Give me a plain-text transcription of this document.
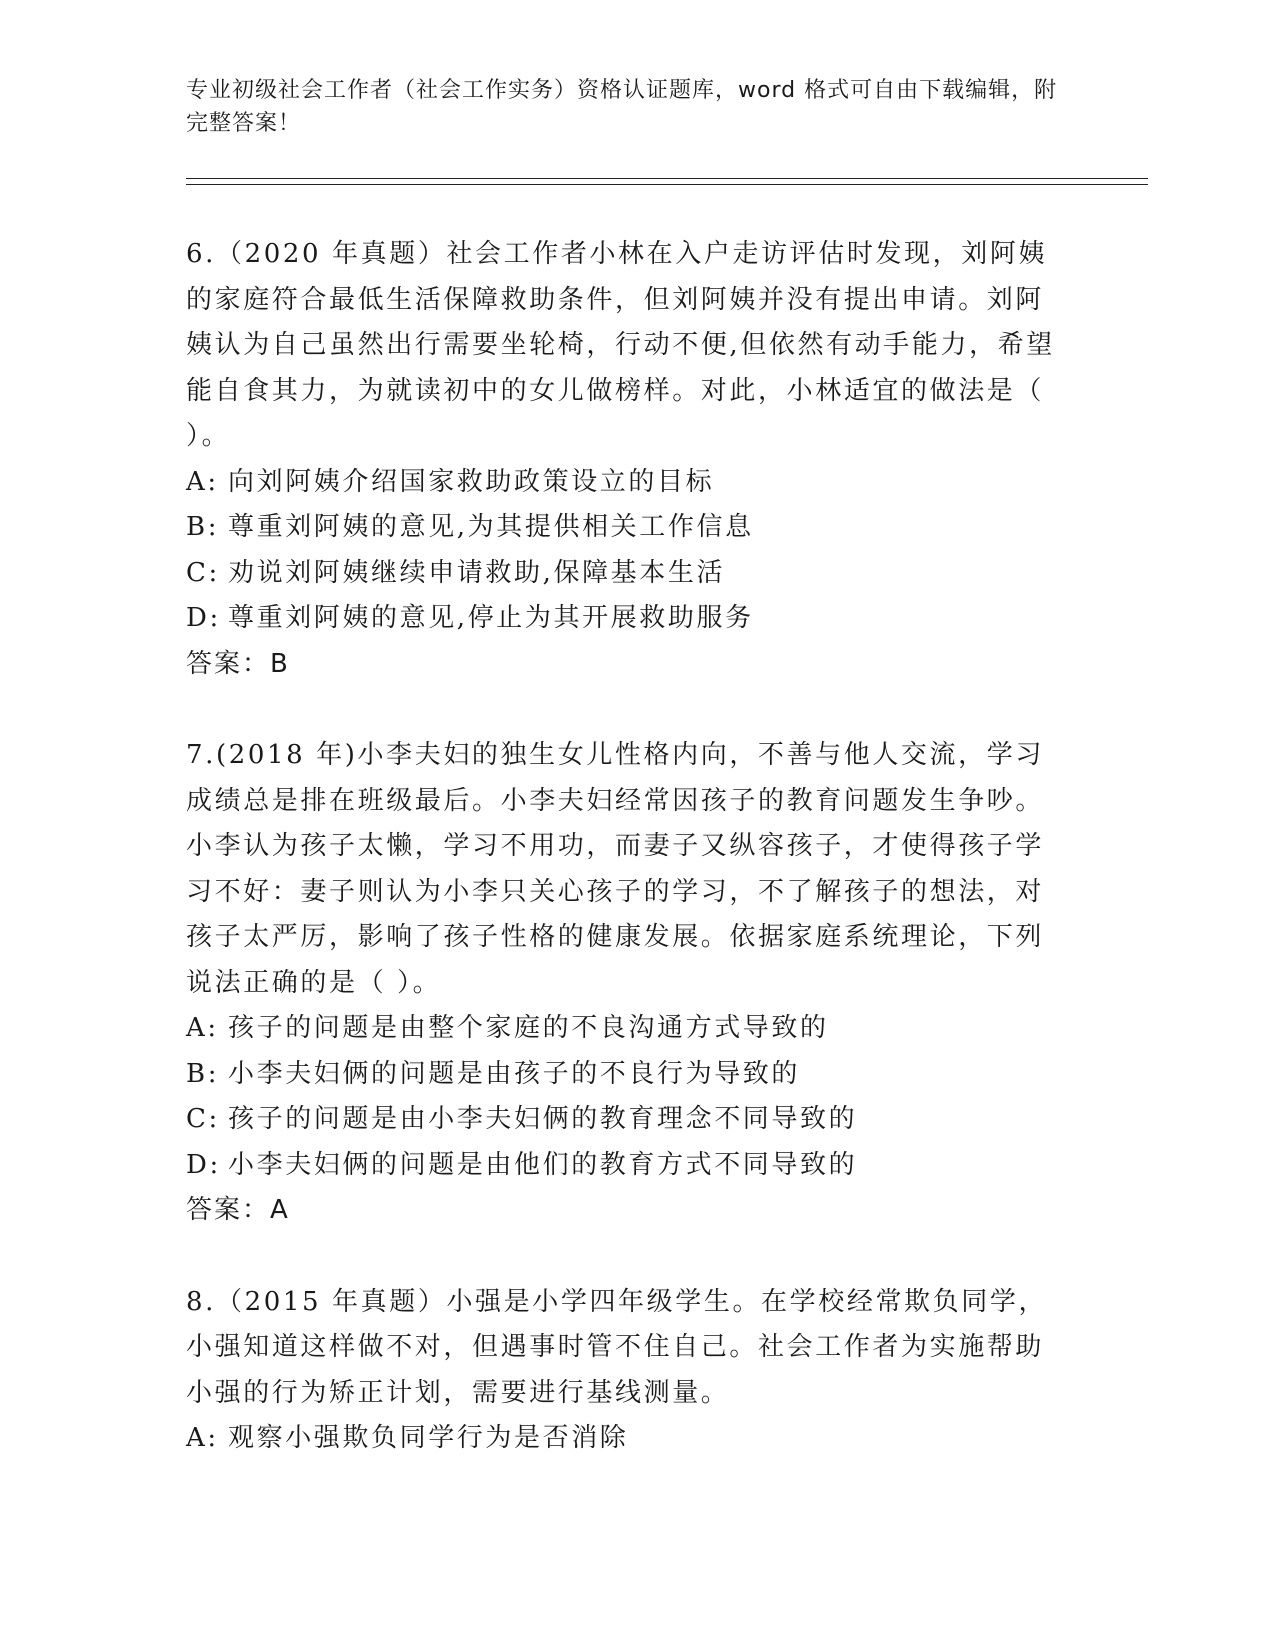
专业初级社会工作者（社会工作实务）资格认证题库，word 格式可自由下载编辑，附完整答案！

6.（2020 年真题）社会工作者小林在入户走访评估时发现，刘阿姨的家庭符合最低生活保障救助条件，但刘阿姨并没有提出申请。刘阿姨认为自己虽然出行需要坐轮椅，行动不便,但依然有动手能力，希望能自食其力，为就读初中的女儿做榜样。对此，小林适宜的做法是（ ）。

A: 向刘阿姨介绍国家救助政策设立的目标

B: 尊重刘阿姨的意见,为其提供相关工作信息

C: 劝说刘阿姨继续申请救助,保障基本生活

D: 尊重刘阿姨的意见,停止为其开展救助服务

答案：B

7.(2018 年)小李夫妇的独生女儿性格内向，不善与他人交流，学习成绩总是排在班级最后。小李夫妇经常因孩子的教育问题发生争吵。小李认为孩子太懒，学习不用功，而妻子又纵容孩子，才使得孩子学习不好：妻子则认为小李只关心孩子的学习，不了解孩子的想法，对孩子太严厉，影响了孩子性格的健康发展。依据家庭系统理论，下列说法正确的是（ ）。

A: 孩子的问题是由整个家庭的不良沟通方式导致的

B: 小李夫妇俩的问题是由孩子的不良行为导致的

C: 孩子的问题是由小李夫妇俩的教育理念不同导致的

D: 小李夫妇俩的问题是由他们的教育方式不同导致的

答案：A

8.（2015 年真题）小强是小学四年级学生。在学校经常欺负同学，小强知道这样做不对，但遇事时管不住自己。社会工作者为实施帮助小强的行为矫正计划，需要进行基线测量。

A: 观察小强欺负同学行为是否消除
